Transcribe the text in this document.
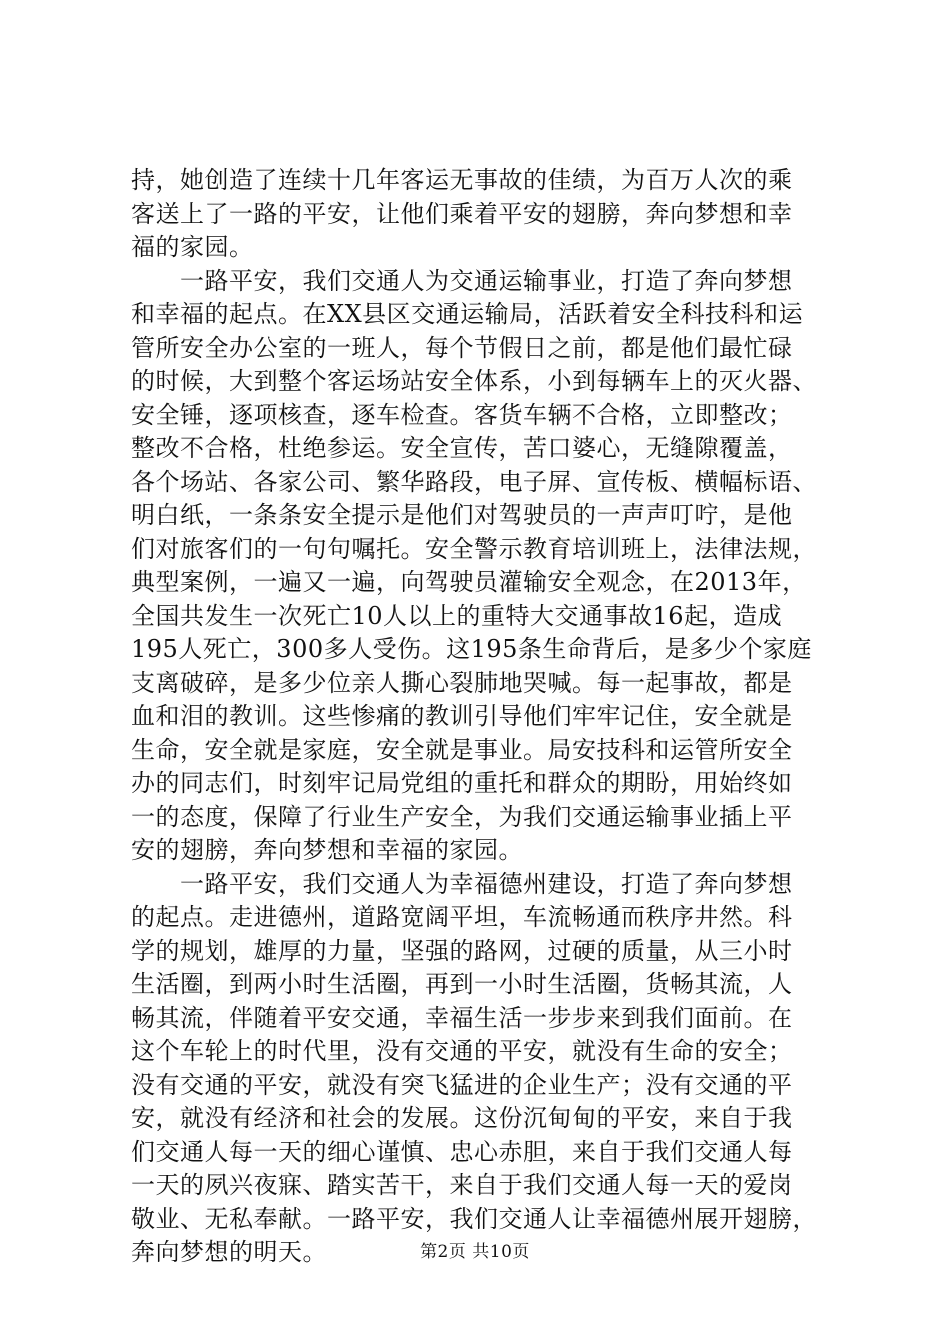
持，她创造了连续十几年客运无事故的佳绩，为百万人次的乘
客送上了一路的平安，让他们乘着平安的翅膀，奔向梦想和幸
福的家园。
一路平安，我们交通人为交通运输事业，打造了奔向梦想
和幸福的起点。在XX县区交通运输局，活跃着安全科技科和运
管所安全办公室的一班人，每个节假日之前，都是他们最忙碌
的时候，大到整个客运场站安全体系，小到每辆车上的灭火器、
安全锤，逐项核查，逐车检查。客货车辆不合格，立即整改；
整改不合格，杜绝参运。安全宣传，苦口婆心，无缝隙覆盖，
各个场站、各家公司、繁华路段，电子屏、宣传板、横幅标语、
明白纸，一条条安全提示是他们对驾驶员的一声声叮咛，是他
们对旅客们的一句句嘱托。安全警示教育培训班上，法律法规，
典型案例，一遍又一遍，向驾驶员灌输安全观念，在2013年，
全国共发生一次死亡10人以上的重特大交通事故16起，造成
195人死亡，300多人受伤。这195条生命背后，是多少个家庭
支离破碎，是多少位亲人撕心裂肺地哭喊。每一起事故，都是
血和泪的教训。这些惨痛的教训引导他们牢牢记住，安全就是
生命，安全就是家庭，安全就是事业。局安技科和运管所安全
办的同志们，时刻牢记局党组的重托和群众的期盼，用始终如
一的态度，保障了行业生产安全，为我们交通运输事业插上平
安的翅膀，奔向梦想和幸福的家园。
一路平安，我们交通人为幸福德州建设，打造了奔向梦想
的起点。走进德州，道路宽阔平坦，车流畅通而秩序井然。科
学的规划，雄厚的力量，坚强的路网，过硬的质量，从三小时
生活圈，到两小时生活圈，再到一小时生活圈，货畅其流，人
畅其流，伴随着平安交通，幸福生活一步步来到我们面前。在
这个车轮上的时代里，没有交通的平安，就没有生命的安全；
没有交通的平安，就没有突飞猛进的企业生产；没有交通的平
安，就没有经济和社会的发展。这份沉甸甸的平安，来自于我
们交通人每一天的细心谨慎、忠心赤胆，来自于我们交通人每
一天的夙兴夜寐、踏实苦干，来自于我们交通人每一天的爱岗
敬业、无私奉献。一路平安，我们交通人让幸福德州展开翅膀，
奔向梦想的明天。	第2页 共10页
